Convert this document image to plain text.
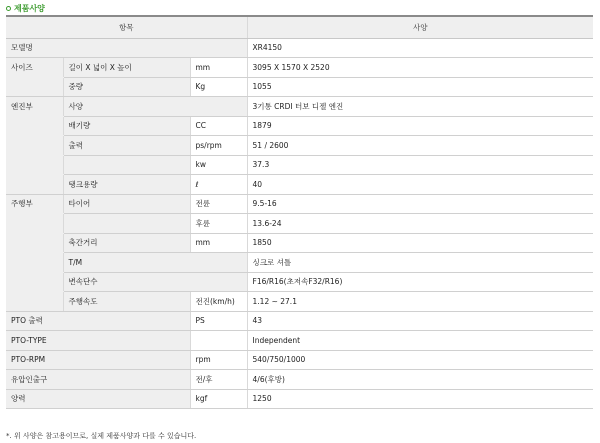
제품사양
항목			사양
모델명			XR4150
사이즈	길이 X 넓이 X 높이	mm	3095 X 1570 X 2520
	중량	Kg	1055
엔진부	사양		3기통 CRDI 터보 디젤 엔진
	배기량	CC	1879
	출력	ps/rpm	51 / 2600
		kw	37.3
	탱크용량	ℓ	40
주행부	타이어	전륜	9.5-16
		후륜	13.6-24
	축간거리	mm	1850
	T/M		싱크로 셔틀
	변속단수		F16/R16(초저속F32/R16)
	주행속도	전진(km/h)	1.12 ~ 27.1
PTO 출력		PS	43
PTO-TYPE			Independent
PTO-RPM		rpm	540/750/1000
유압인출구		전/후	4/6(후방)
양력		kgf	1250
*. 위 사양은 참고용이므로, 실제 제품사양과 다를 수 있습니다.
